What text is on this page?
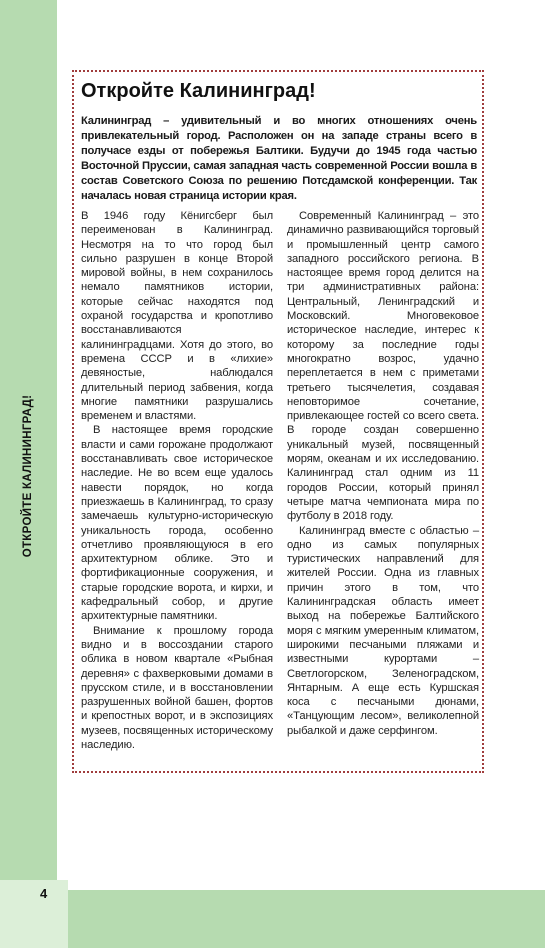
ОТКРОЙТЕ КАЛИНИНГРАД!
4
Откройте Калининград!

Калининград – удивительный и во многих отношениях очень привлекательный город. Расположен он на западе страны всего в получасе езды от побережья Балтики. Будучи до 1945 года частью Восточной Пруссии, самая западная часть современной России вошла в состав Советского Союза по решению Потсдамской конференции. Так началась новая страница истории края.

В 1946 году Кёнигсберг был переименован в Калининград. Несмотря на то что город был сильно разрушен в конце Второй мировой войны, в нем сохранилось немало памятников истории, которые сейчас находятся под охраной государства и кропотливо восстанавливаются калининградцами. Хотя до этого, во времена СССР и в «лихие» девяностые, наблюдался длительный период забвения, когда многие памятники разрушались временем и властями.

В настоящее время городские власти и сами горожане продолжают восстанавливать свое историческое наследие. Не во всем еще удалось навести порядок, но когда приезжаешь в Калининград, то сразу замечаешь культурно-историческую уникальность города, особенно отчетливо проявляющуюся в его архитектурном облике. Это и фортификационные сооружения, и старые городские ворота, и кирхи, и кафедральный собор, и другие архитектурные памятники.

Внимание к прошлому города видно и в воссоздании старого облика в новом квартале «Рыбная деревня» с фахверковыми домами в прусском стиле, и в восстановлении разрушенных войной башен, фортов и крепостных ворот, и в экспозициях музеев, посвященных историческому наследию.

Современный Калининград – это динамично развивающийся торговый и промышленный центр самого западного российского региона. В настоящее время город делится на три административных района: Центральный, Ленинградский и Московский. Многовековое историческое наследие, интерес к которому за последние годы многократно возрос, удачно переплетается в нем с приметами третьего тысячелетия, создавая неповторимое сочетание, привлекающее гостей со всего света. В городе создан совершенно уникальный музей, посвященный морям, океанам и их исследованию. Калининград стал одним из 11 городов России, который принял четыре матча чемпионата мира по футболу в 2018 году.

Калининград вместе с областью – одно из самых популярных туристических направлений для жителей России. Одна из главных причин этого в том, что Калининградская область имеет выход на побережье Балтийского моря с мягким умеренным климатом, широкими песчаными пляжами и известными курортами – Светлогорском, Зеленоградском, Янтарным. А еще есть Куршская коса с песчаными дюнами, «Танцующим лесом», великолепной рыбалкой и даже серфингом.
